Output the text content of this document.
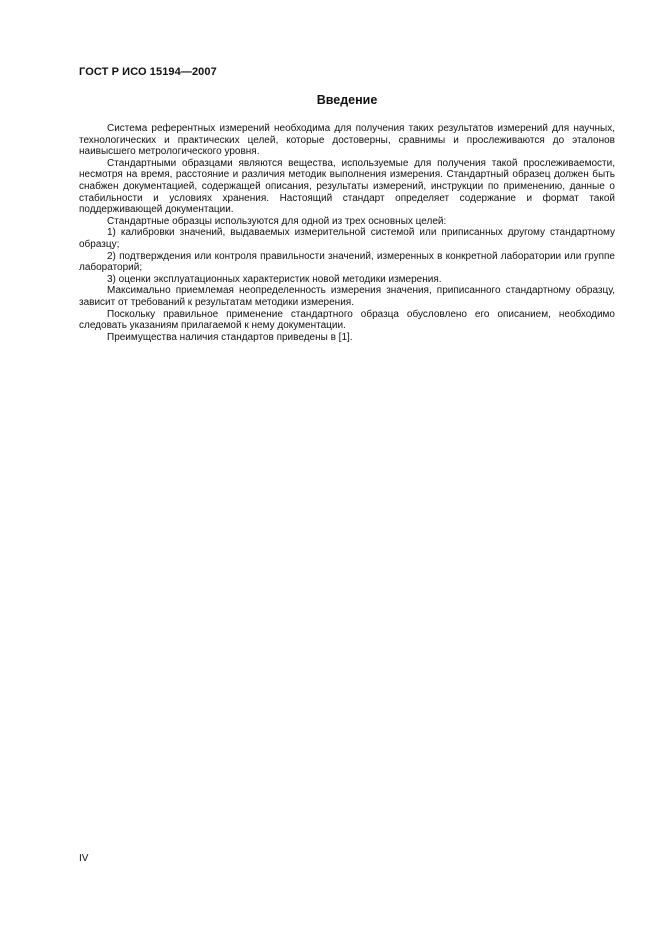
ГОСТ Р ИСО 15194—2007
Введение

Система референтных измерений необходима для получения таких результатов измерений для научных, технологических и практических целей, которые достоверны, сравнимы и прослеживаются до эталонов наивысшего метрологического уровня.

Стандартными образцами являются вещества, используемые для получения такой прослеживаемости, несмотря на время, расстояние и различия методик выполнения измерения. Стандартный образец должен быть снабжен документацией, содержащей описания, результаты измерений, инструкции по применению, данные о стабильности и условиях хранения. Настоящий стандарт определяет содержание и формат такой поддерживающей документации.

Стандартные образцы используются для одной из трех основных целей:

1) калибровки значений, выдаваемых измерительной системой или приписанных другому стандартному образцу;

2) подтверждения или контроля правильности значений, измеренных в конкретной лаборатории или группе лабораторий;

3) оценки эксплуатационных характеристик новой методики измерения.

Максимально приемлемая неопределенность измерения значения, приписанного стандартному образцу, зависит от требований к результатам методики измерения.

Поскольку правильное применение стандартного образца обусловлено его описанием, необходимо следовать указаниям прилагаемой к нему документации.

Преимущества наличия стандартов приведены в [1].

IV
